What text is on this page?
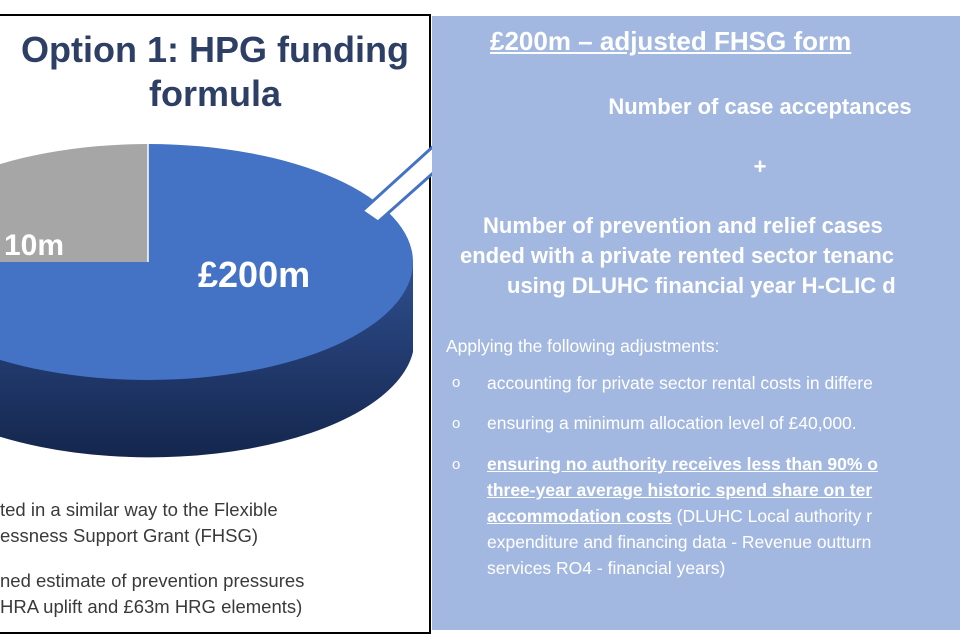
Option 1: HPG funding
formula
10m
£200m
ted in a similar way to the Flexible
essness Support Grant (FHSG)
ned estimate of prevention pressures
HRA uplift and £63m HRG elements)
£200m – adjusted FHSG form
Number of case acceptances
+
Number of prevention and relief cases
ended with a private rented sector tenanc
using DLUHC financial year H-CLIC d
Applying the following adjustments:
o accounting for private sector rental costs in differe
o ensuring a minimum allocation level of £40,000.
o ensuring no authority receives less than 90% o
three-year average historic spend share on ter
accommodation costs (DLUHC Local authority r
expenditure and financing data - Revenue outturn
services RO4 - financial years)
